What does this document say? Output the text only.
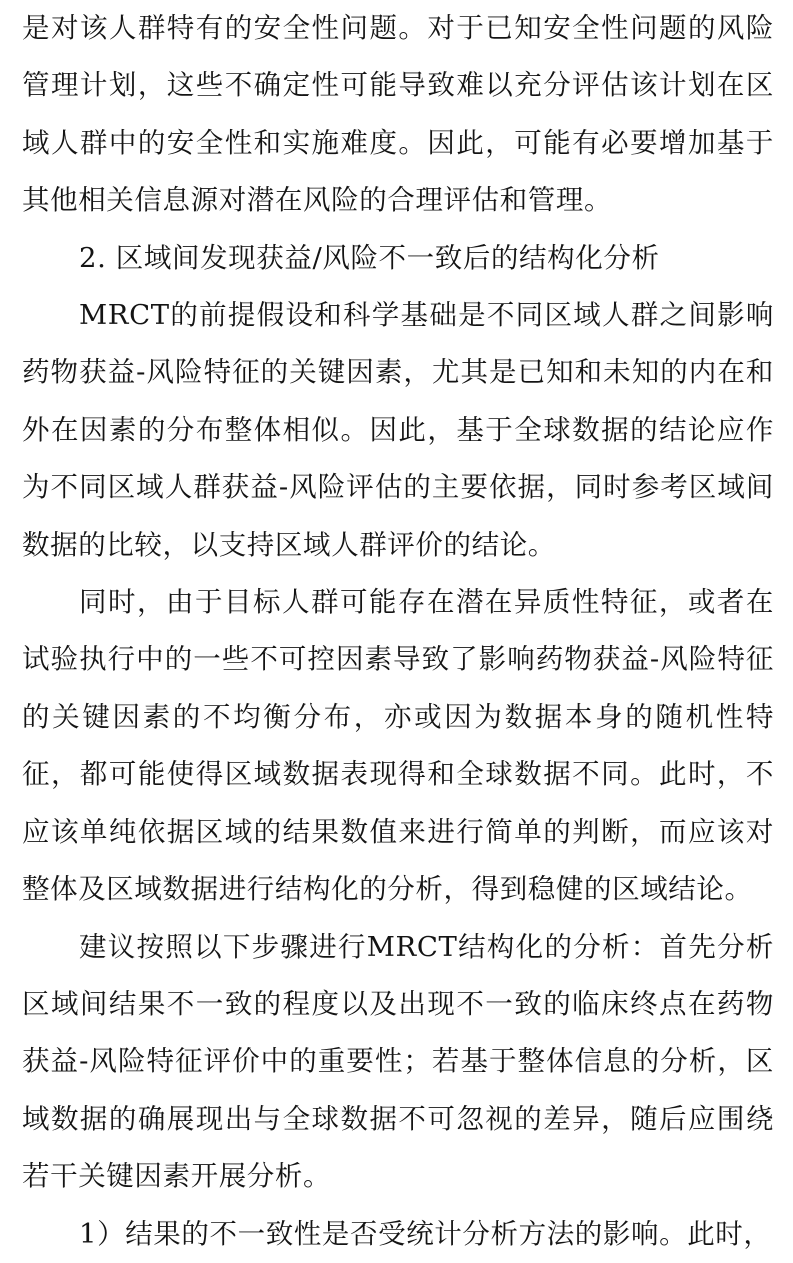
是对该人群特有的安全性问题。对于已知安全性问题的风险管理计划，这些不确定性可能导致难以充分评估该计划在区域人群中的安全性和实施难度。因此，可能有必要增加基于其他相关信息源对潜在风险的合理评估和管理。

2. 区域间发现获益/风险不一致后的结构化分析

MRCT的前提假设和科学基础是不同区域人群之间影响药物获益-风险特征的关键因素，尤其是已知和未知的内在和外在因素的分布整体相似。因此，基于全球数据的结论应作为不同区域人群获益-风险评估的主要依据，同时参考区域间数据的比较，以支持区域人群评价的结论。

同时，由于目标人群可能存在潜在异质性特征，或者在试验执行中的一些不可控因素导致了影响药物获益-风险特征的关键因素的不均衡分布，亦或因为数据本身的随机性特征，都可能使得区域数据表现得和全球数据不同。此时，不应该单纯依据区域的结果数值来进行简单的判断，而应该对整体及区域数据进行结构化的分析，得到稳健的区域结论。

建议按照以下步骤进行MRCT结构化的分析：首先分析区域间结果不一致的程度以及出现不一致的临床终点在药物获益-风险特征评价中的重要性；若基于整体信息的分析，区域数据的确展现出与全球数据不可忽视的差异，随后应围绕若干关键因素开展分析。

1）结果的不一致性是否受统计分析方法的影响。此时，
